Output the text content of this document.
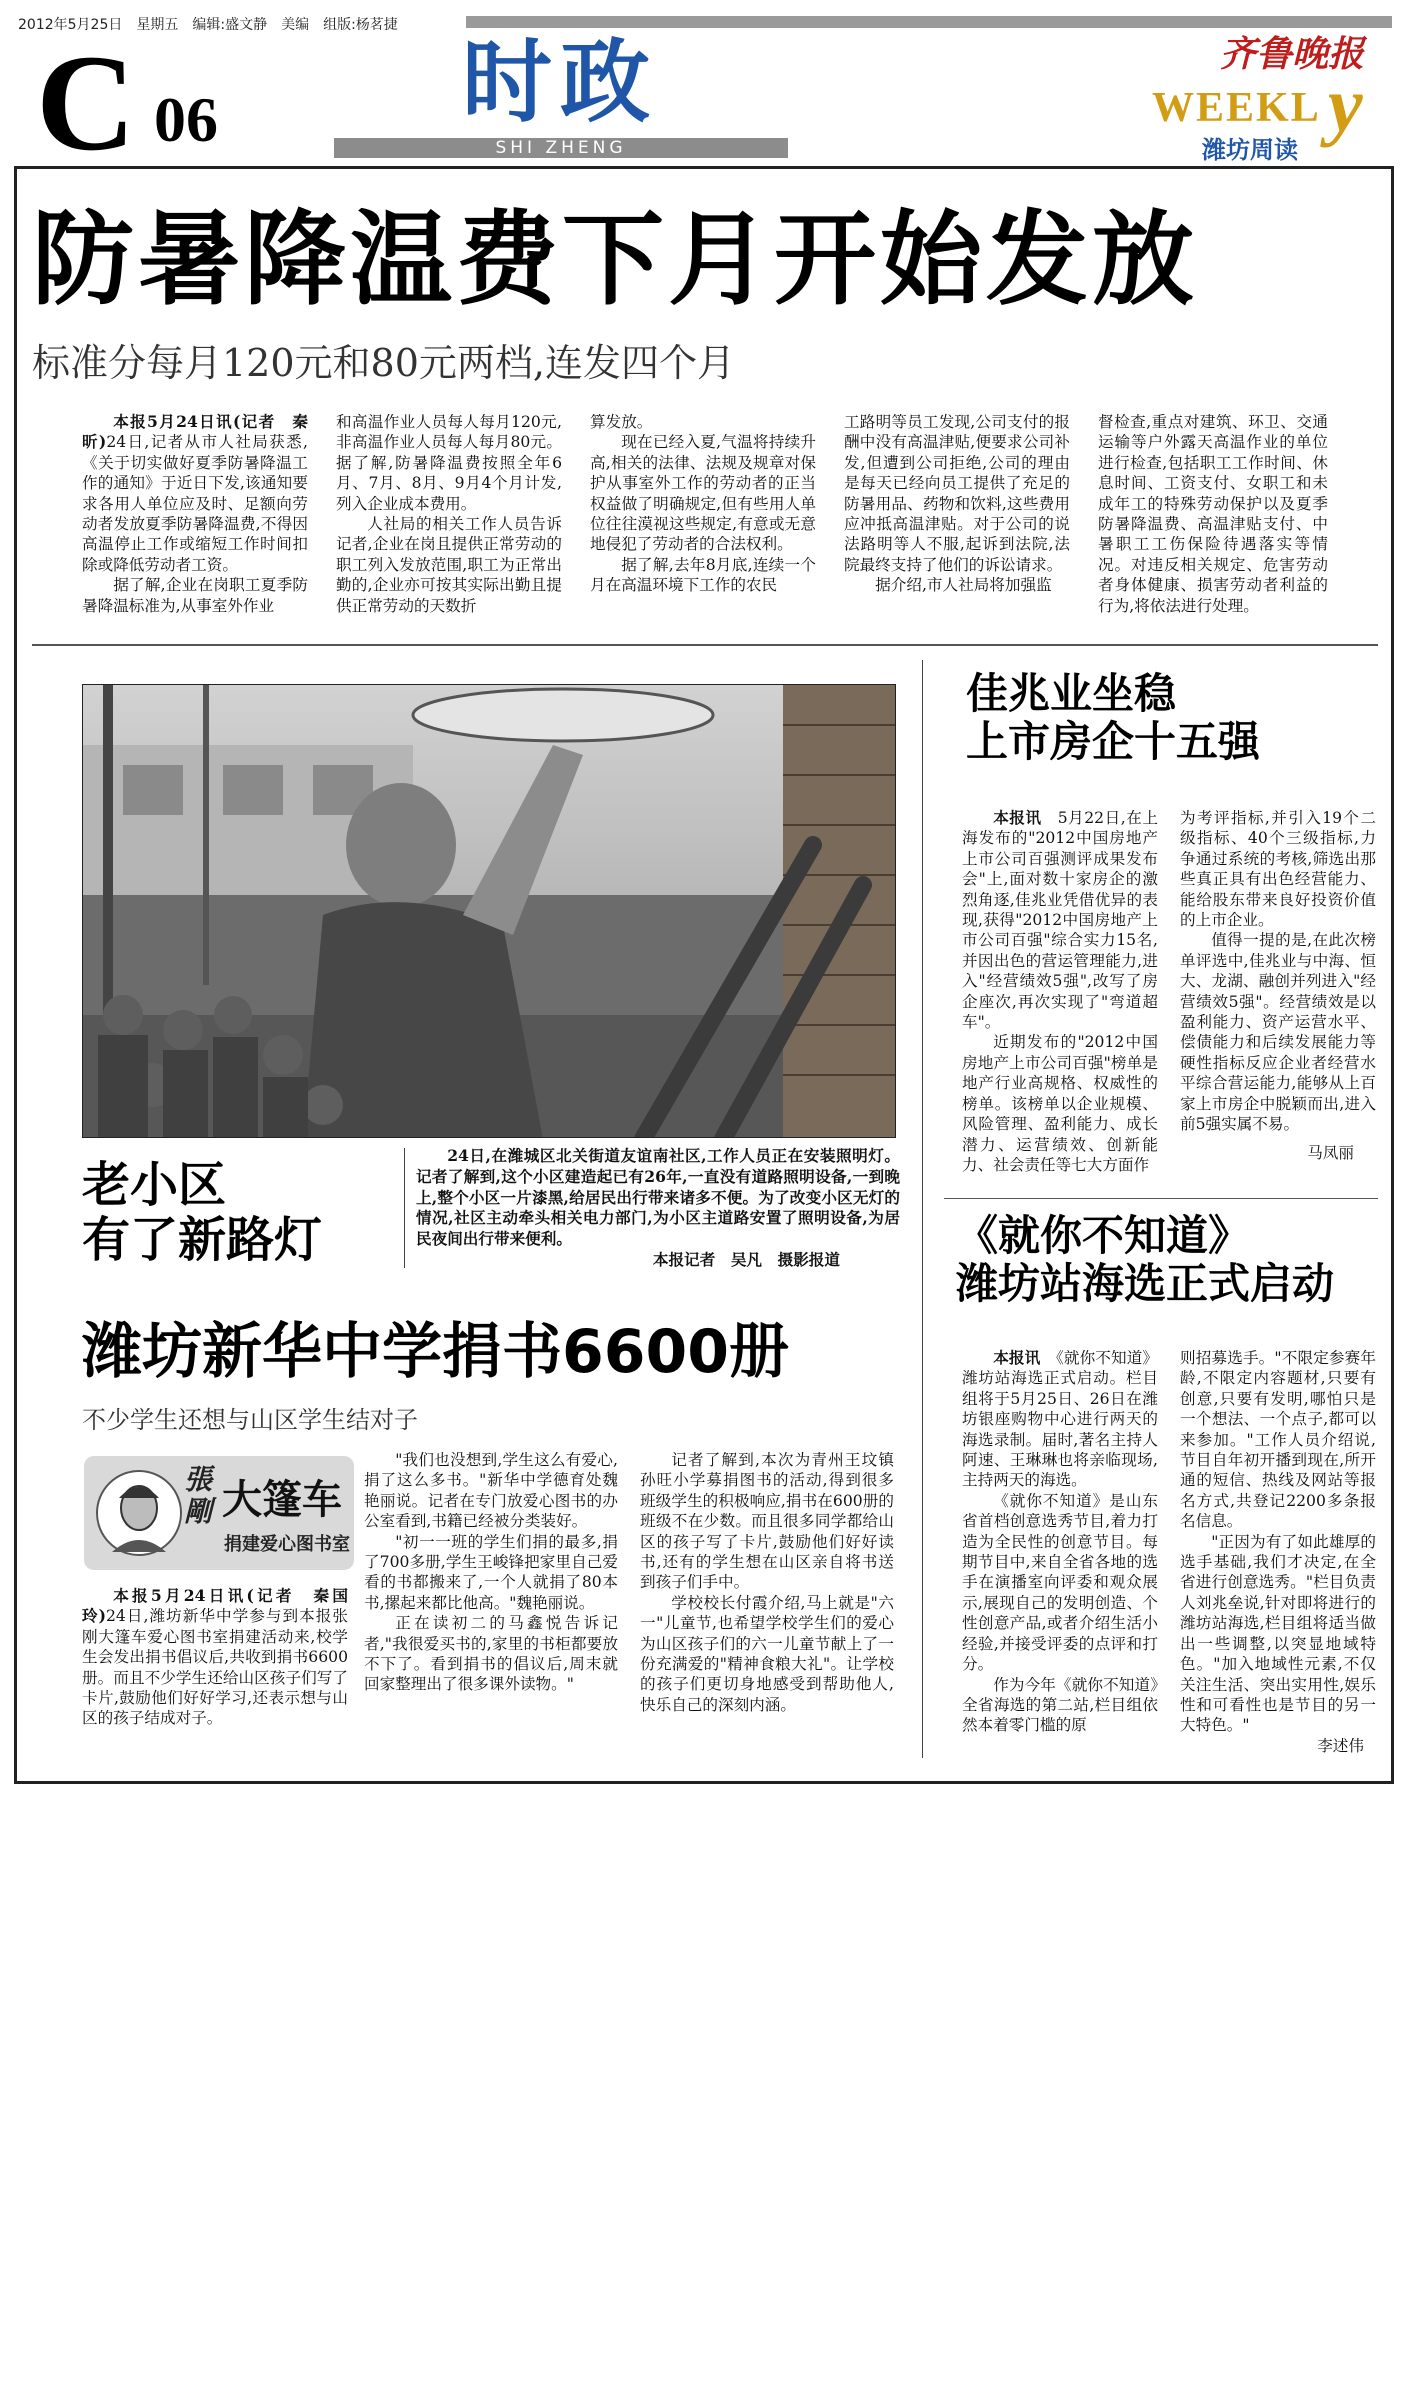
2012年5月25日　星期五　编辑:盛文静　美编　组版:杨茗捷
C 06	时政
SHI ZHENG
齐鲁晚报
WEEKL y
潍坊周读
防暑降温费下月开始发放
标准分每月120元和80元两档,连发四个月
本报5月24日讯(记者　秦昕)24日,记者从市人社局获悉,《关于切实做好夏季防暑降温工作的通知》于近日下发,该通知要求各用人单位应及时、足额向劳动者发放夏季防暑降温费,不得因高温停止工作或缩短工作时间扣除或降低劳动者工资。
据了解,企业在岗职工夏季防暑降温标准为,从事室外作业
和高温作业人员每人每月120元,非高温作业人员每人每月80元。据了解,防暑降温费按照全年6月、7月、8月、9月4个月计发,列入企业成本费用。
人社局的相关工作人员告诉记者,企业在岗且提供正常劳动的职工列入发放范围,职工为正常出勤的,企业亦可按其实际出勤且提供正常劳动的天数折
算发放。
现在已经入夏,气温将持续升高,相关的法律、法规及规章对保护从事室外工作的劳动者的正当权益做了明确规定,但有些用人单位往往漠视这些规定,有意或无意地侵犯了劳动者的合法权利。
据了解,去年8月底,连续一个月在高温环境下工作的农民
工路明等员工发现,公司支付的报酬中没有高温津贴,便要求公司补发,但遭到公司拒绝,公司的理由是每天已经向员工提供了充足的防暑用品、药物和饮料,这些费用应冲抵高温津贴。对于公司的说法路明等人不服,起诉到法院,法院最终支持了他们的诉讼请求。
据介绍,市人社局将加强监
督检查,重点对建筑、环卫、交通运输等户外露天高温作业的单位进行检查,包括职工工作时间、休息时间、工资支付、女职工和未成年工的特殊劳动保护以及夏季防暑降温费、高温津贴支付、中暑职工工伤保险待遇落实等情况。对违反相关规定、危害劳动者身体健康、损害劳动者利益的行为,将依法进行处理。
老小区
有了新路灯
24日,在潍城区北关街道友谊南社区,工作人员正在安装照明灯。记者了解到,这个小区建造起已有26年,一直没有道路照明设备,一到晚上,整个小区一片漆黑,给居民出行带来诸多不便。为了改变小区无灯的情况,社区主动牵头相关电力部门,为小区主道路安置了照明设备,为居民夜间出行带来便利。
本报记者　吴凡　摄影报道
佳兆业坐稳
上市房企十五强
本报讯　 5月22日,在上海发布的"2012中国房地产上市公司百强测评成果发布会"上,面对数十家房企的激烈角逐,佳兆业凭借优异的表现,获得"2012中国房地产上市公司百强"综合实力15名,并因出色的营运管理能力,进入"经营绩效5强",改写了房企座次,再次实现了"弯道超车"。
近期发布的"2012中国房地产上市公司百强"榜单是地产行业高规格、权威性的榜单。该榜单以企业规模、风险管理、盈利能力、成长潜力、运营绩效、创新能力、社会责任等七大方面作
为考评指标,并引入19个二级指标、40个三级指标,力争通过系统的考核,筛选出那些真正具有出色经营能力、能给股东带来良好投资价值的上市企业。
值得一提的是,在此次榜单评选中,佳兆业与中海、恒大、龙湖、融创并列进入"经营绩效5强"。经营绩效是以盈利能力、资产运营水平、偿债能力和后续发展能力等硬性指标反应企业者经营水平综合营运能力,能够从上百家上市房企中脱颖而出,进入前5强实属不易。
马凤丽
《就你不知道》
潍坊站海选正式启动
本报讯　 《就你不知道》潍坊站海选正式启动。栏目组将于5月25日、26日在潍坊银座购物中心进行两天的海选录制。届时,著名主持人阿速、王琳琳也将亲临现场,主持两天的海选。
《就你不知道》是山东省首档创意选秀节目,着力打造为全民性的创意节目。每期节目中,来自全省各地的选手在演播室向评委和观众展示,展现自己的发明创造、个性创意产品,或者介绍生活小经验,并接受评委的点评和打分。
作为今年《就你不知道》全省海选的第二站,栏目组依然本着零门槛的原
则招募选手。"不限定参赛年龄,不限定内容题材,只要有创意,只要有发明,哪怕只是一个想法、一个点子,都可以来参加。"工作人员介绍说,节目自年初开播到现在,所开通的短信、热线及网站等报名方式,共登记2200多条报名信息。
"正因为有了如此雄厚的选手基础,我们才决定,在全省进行创意选秀。"栏目负责人刘兆垒说,针对即将进行的潍坊站海选,栏目组将适当做出一些调整,以突显地域特色。"加入地域性元素,不仅关注生活、突出实用性,娱乐性和可看性也是节目的另一大特色。"
李述伟
潍坊新华中学捐书6600册
不少学生还想与山区学生结对子
張剛 大篷车
捐建爱心图书室
本报5月24日讯(记者　秦国玲)24日,潍坊新华中学参与到本报张刚大篷车爱心图书室捐建活动来,校学生会发出捐书倡议后,共收到捐书6600册。而且不少学生还给山区孩子们写了卡片,鼓励他们好好学习,还表示想与山区的孩子结成对子。
"我们也没想到,学生这么有爱心,捐了这么多书。"新华中学德育处魏艳丽说。记者在专门放爱心图书的办公室看到,书籍已经被分类装好。
"初一一班的学生们捐的最多,捐了700多册,学生王峻锋把家里自己爱看的书都搬来了,一个人就捐了80本书,摞起来都比他高。"魏艳丽说。
正在读初二的马鑫悦告诉记者,"我很爱买书的,家里的书柜都要放不下了。看到捐书的倡议后,周末就回家整理出了很多课外读物。"
记者了解到,本次为青州王坟镇孙旺小学募捐图书的活动,得到很多班级学生的积极响应,捐书在600册的班级不在少数。而且很多同学都给山区的孩子写了卡片,鼓励他们好好读书,还有的学生想在山区亲自将书送到孩子们手中。
学校校长付霞介绍,马上就是"六一"儿童节,也希望学校学生们的爱心为山区孩子们的六一儿童节献上了一份充满爱的"精神食粮大礼"。让学校的孩子们更切身地感受到帮助他人,快乐自己的深刻内涵。
